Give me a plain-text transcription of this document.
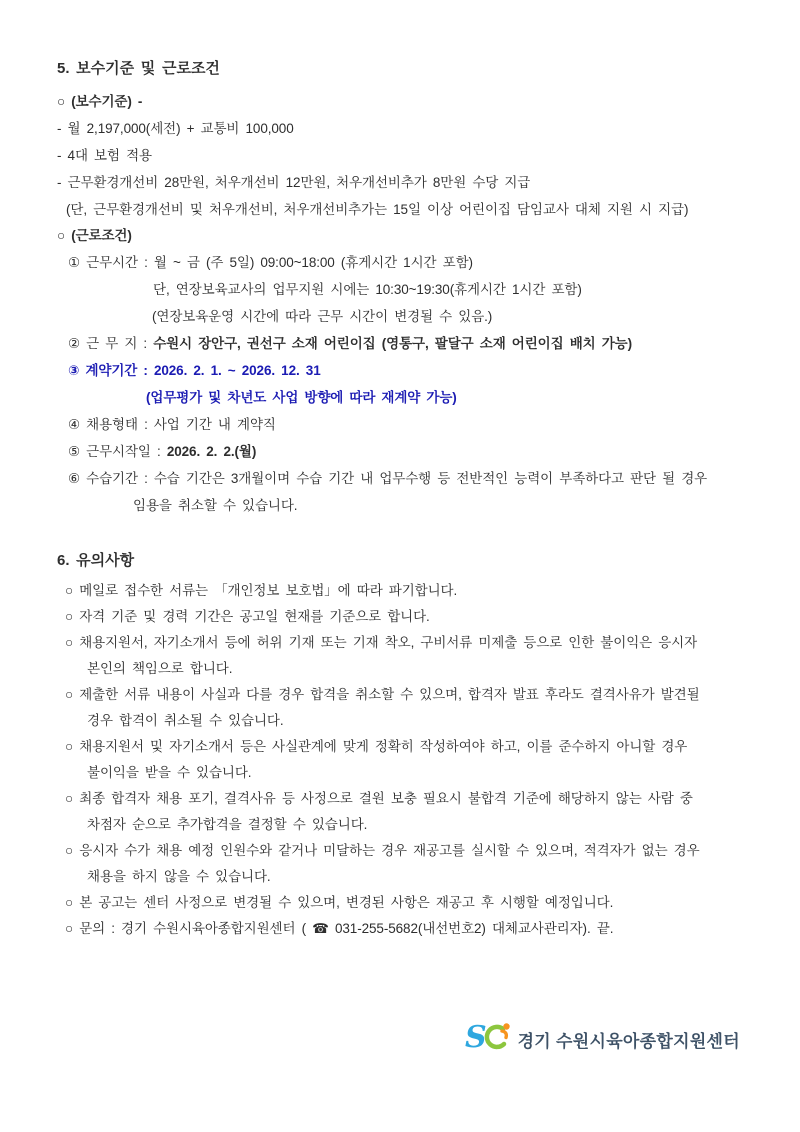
5. 보수기준 및 근로조건

○ (보수기준) -

- 월 2,197,000(세전) + 교통비 100,000

- 4대 보험 적용

- 근무환경개선비 28만원, 처우개선비 12만원, 처우개선비추가 8만원 수당 지급

(단, 근무환경개선비 및 처우개선비, 처우개선비추가는 15일 이상 어린이집 담임교사 대체 지원 시 지급)

○ (근로조건)

① 근무시간 : 월 ~ 금 (주 5일) 09:00~18:00 (휴게시간 1시간 포함)

단, 연장보육교사의 업무지원 시에는 10:30~19:30(휴게시간 1시간 포함)

(연장보육운영 시간에 따라 근무 시간이 변경될 수 있음.)

② 근 무 지 : 수원시 장안구, 권선구 소재 어린이집 (영통구, 팔달구 소재 어린이집 배치 가능)

③ 계약기간 : 2026. 2. 1. ~ 2026. 12. 31

(업무평가 및 차년도 사업 방향에 따라 재계약 가능)

④ 채용형태 : 사업 기간 내 계약직

⑤ 근무시작일 : 2026. 2. 2.(월)

⑥ 수습기간 : 수습 기간은 3개월이며 수습 기간 내 업무수행 등 전반적인 능력이 부족하다고 판단 될 경우

임용을 취소할 수 있습니다.

6. 유의사항

○ 메일로 접수한 서류는 「개인정보 보호법」에 따라 파기합니다.

○ 자격 기준 및 경력 기간은 공고일 현재를 기준으로 합니다.

○ 채용지원서, 자기소개서 등에 허위 기재 또는 기재 착오, 구비서류 미제출 등으로 인한 불이익은 응시자

본인의 책임으로 합니다.

○ 제출한 서류 내용이 사실과 다를 경우 합격을 취소할 수 있으며, 합격자 발표 후라도 결격사유가 발견될

경우 합격이 취소될 수 있습니다.

○ 채용지원서 및 자기소개서 등은 사실관계에 맞게 정확히 작성하여야 하고, 이를 준수하지 아니할 경우

불이익을 받을 수 있습니다.

○ 최종 합격자 채용 포기, 결격사유 등 사정으로 결원 보충 필요시 불합격 기준에 해당하지 않는 사람 중

차점자 순으로 추가합격을 결정할 수 있습니다.

○ 응시자 수가 채용 예정 인원수와 같거나 미달하는 경우 재공고를 실시할 수 있으며, 적격자가 없는 경우

채용을 하지 않을 수 있습니다.

○ 본 공고는 센터 사정으로 변경될 수 있으며, 변경된 사항은 재공고 후 시행할 예정입니다.

○ 문의 : 경기 수원시육아종합지원센터 ( ☎ 031-255-5682(내선번호2) 대체교사관리자). 끝.

S 경기 수원시육아종합지원센터
